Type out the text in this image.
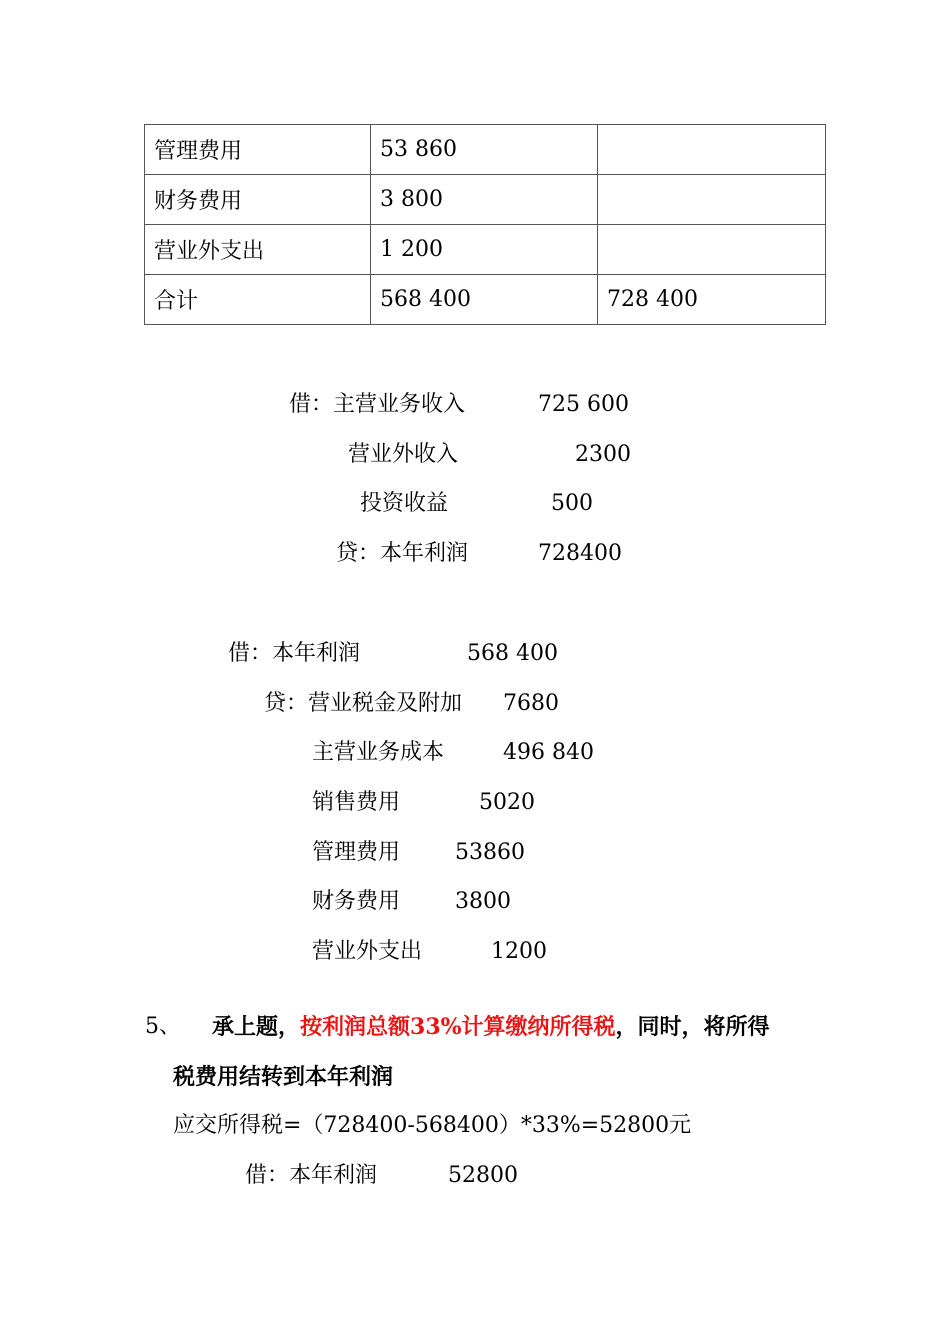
管理费用	53 860	
财务费用	3 800	
营业外支出	1 200	
合计	568 400	728 400
借：主营业务收入	725 600
营业外收入	2300
投资收益	500
贷：本年利润	728400
借：本年利润	568 400
贷：营业税金及附加 7680
主营业务成本	496 840
销售费用	5020
管理费用 53860
财务费用 3800
营业外支出	1200
5、 承上题，按利润总额33%计算缴纳所得税，同时，将所得
税费用结转到本年利润
应交所得税=（728400-568400）*33%=52800元
借：本年利润	52800
